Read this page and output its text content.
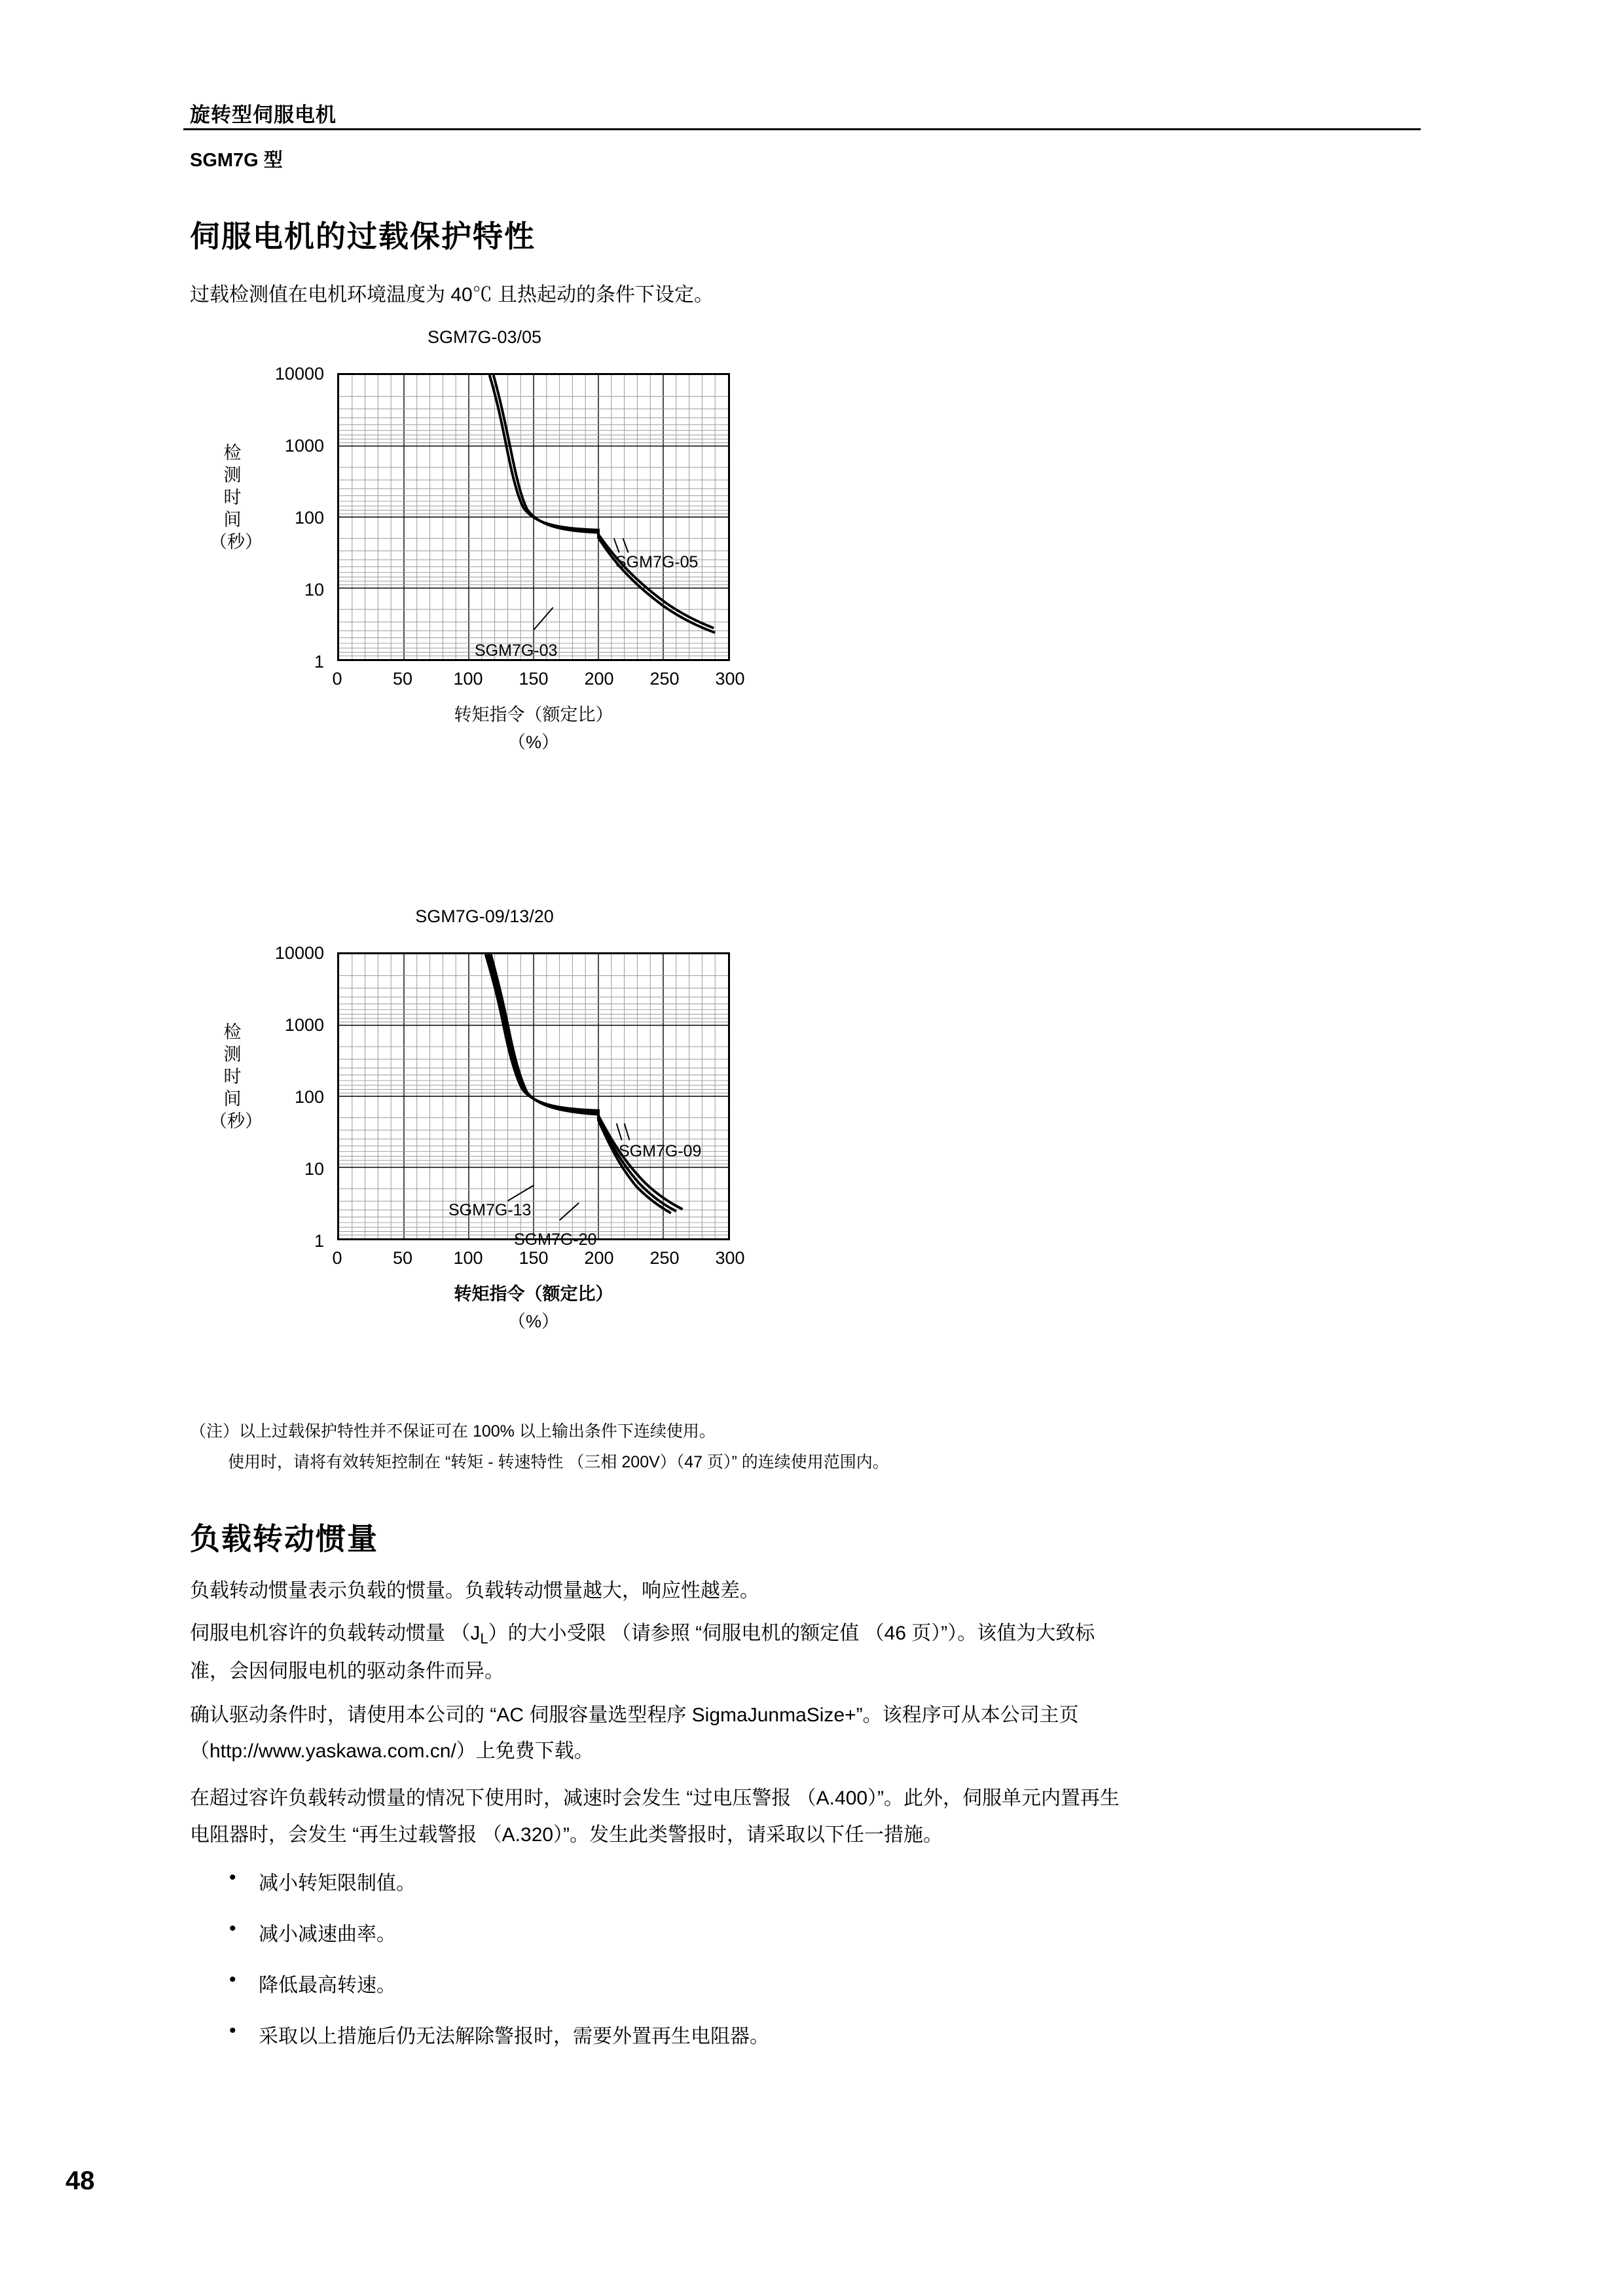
旋转型伺服电机
SGM7G 型
伺服电机的过载保护特性
过载检测值在电机环境温度为 40℃ 且热起动的条件下设定。
SGM7G-03/05
检
测
时
间
（秒）
10000
1000
100
10
1
SGM7G-05
SGM7G-03
0	50	100	150	200	250	300
转矩指令（额定比）
（%）
SGM7G-09/13/20
检
测
时
间
（秒）
10000
1000
100
10
1
SGM7G-09
SGM7G-13
SGM7G-20
0	50	100	150	200	250	300
转矩指令（额定比）
（%）
（注）以上过载保护特性并不保证可在 100% 以上输出条件下连续使用。
使用时，请将有效转矩控制在 “转矩 - 转速特性 （三相 200V）（47 页）” 的连续使用范围内。
负载转动惯量
负载转动惯量表示负载的惯量。负载转动惯量越大，响应性越差。
伺服电机容许的负载转动惯量 $(J_L)$的大小受限 （请参照 “伺服电机的额定值 （46 页）”）。该值为大致标
准，会因伺服电机的驱动条件而异。
确认驱动条件时，请使用本公司的 “AC 伺服容量选型程序 SigmaJunmaSize+”。该程序可从本公司主页
（http://www.yaskawa.com.cn/）上免费下载。
在超过容许负载转动惯量的情况下使用时，减速时会发生 “过电压警报 （A.400）”。此外，伺服单元内置再生
电阻器时，会发生 “再生过载警报 （A.320）”。发生此类警报时，请采取以下任一措施。
• 减小转矩限制值。
• 减小减速曲率。
• 降低最高转速。
• 采取以上措施后仍无法解除警报时，需要外置再生电阻器。
48
